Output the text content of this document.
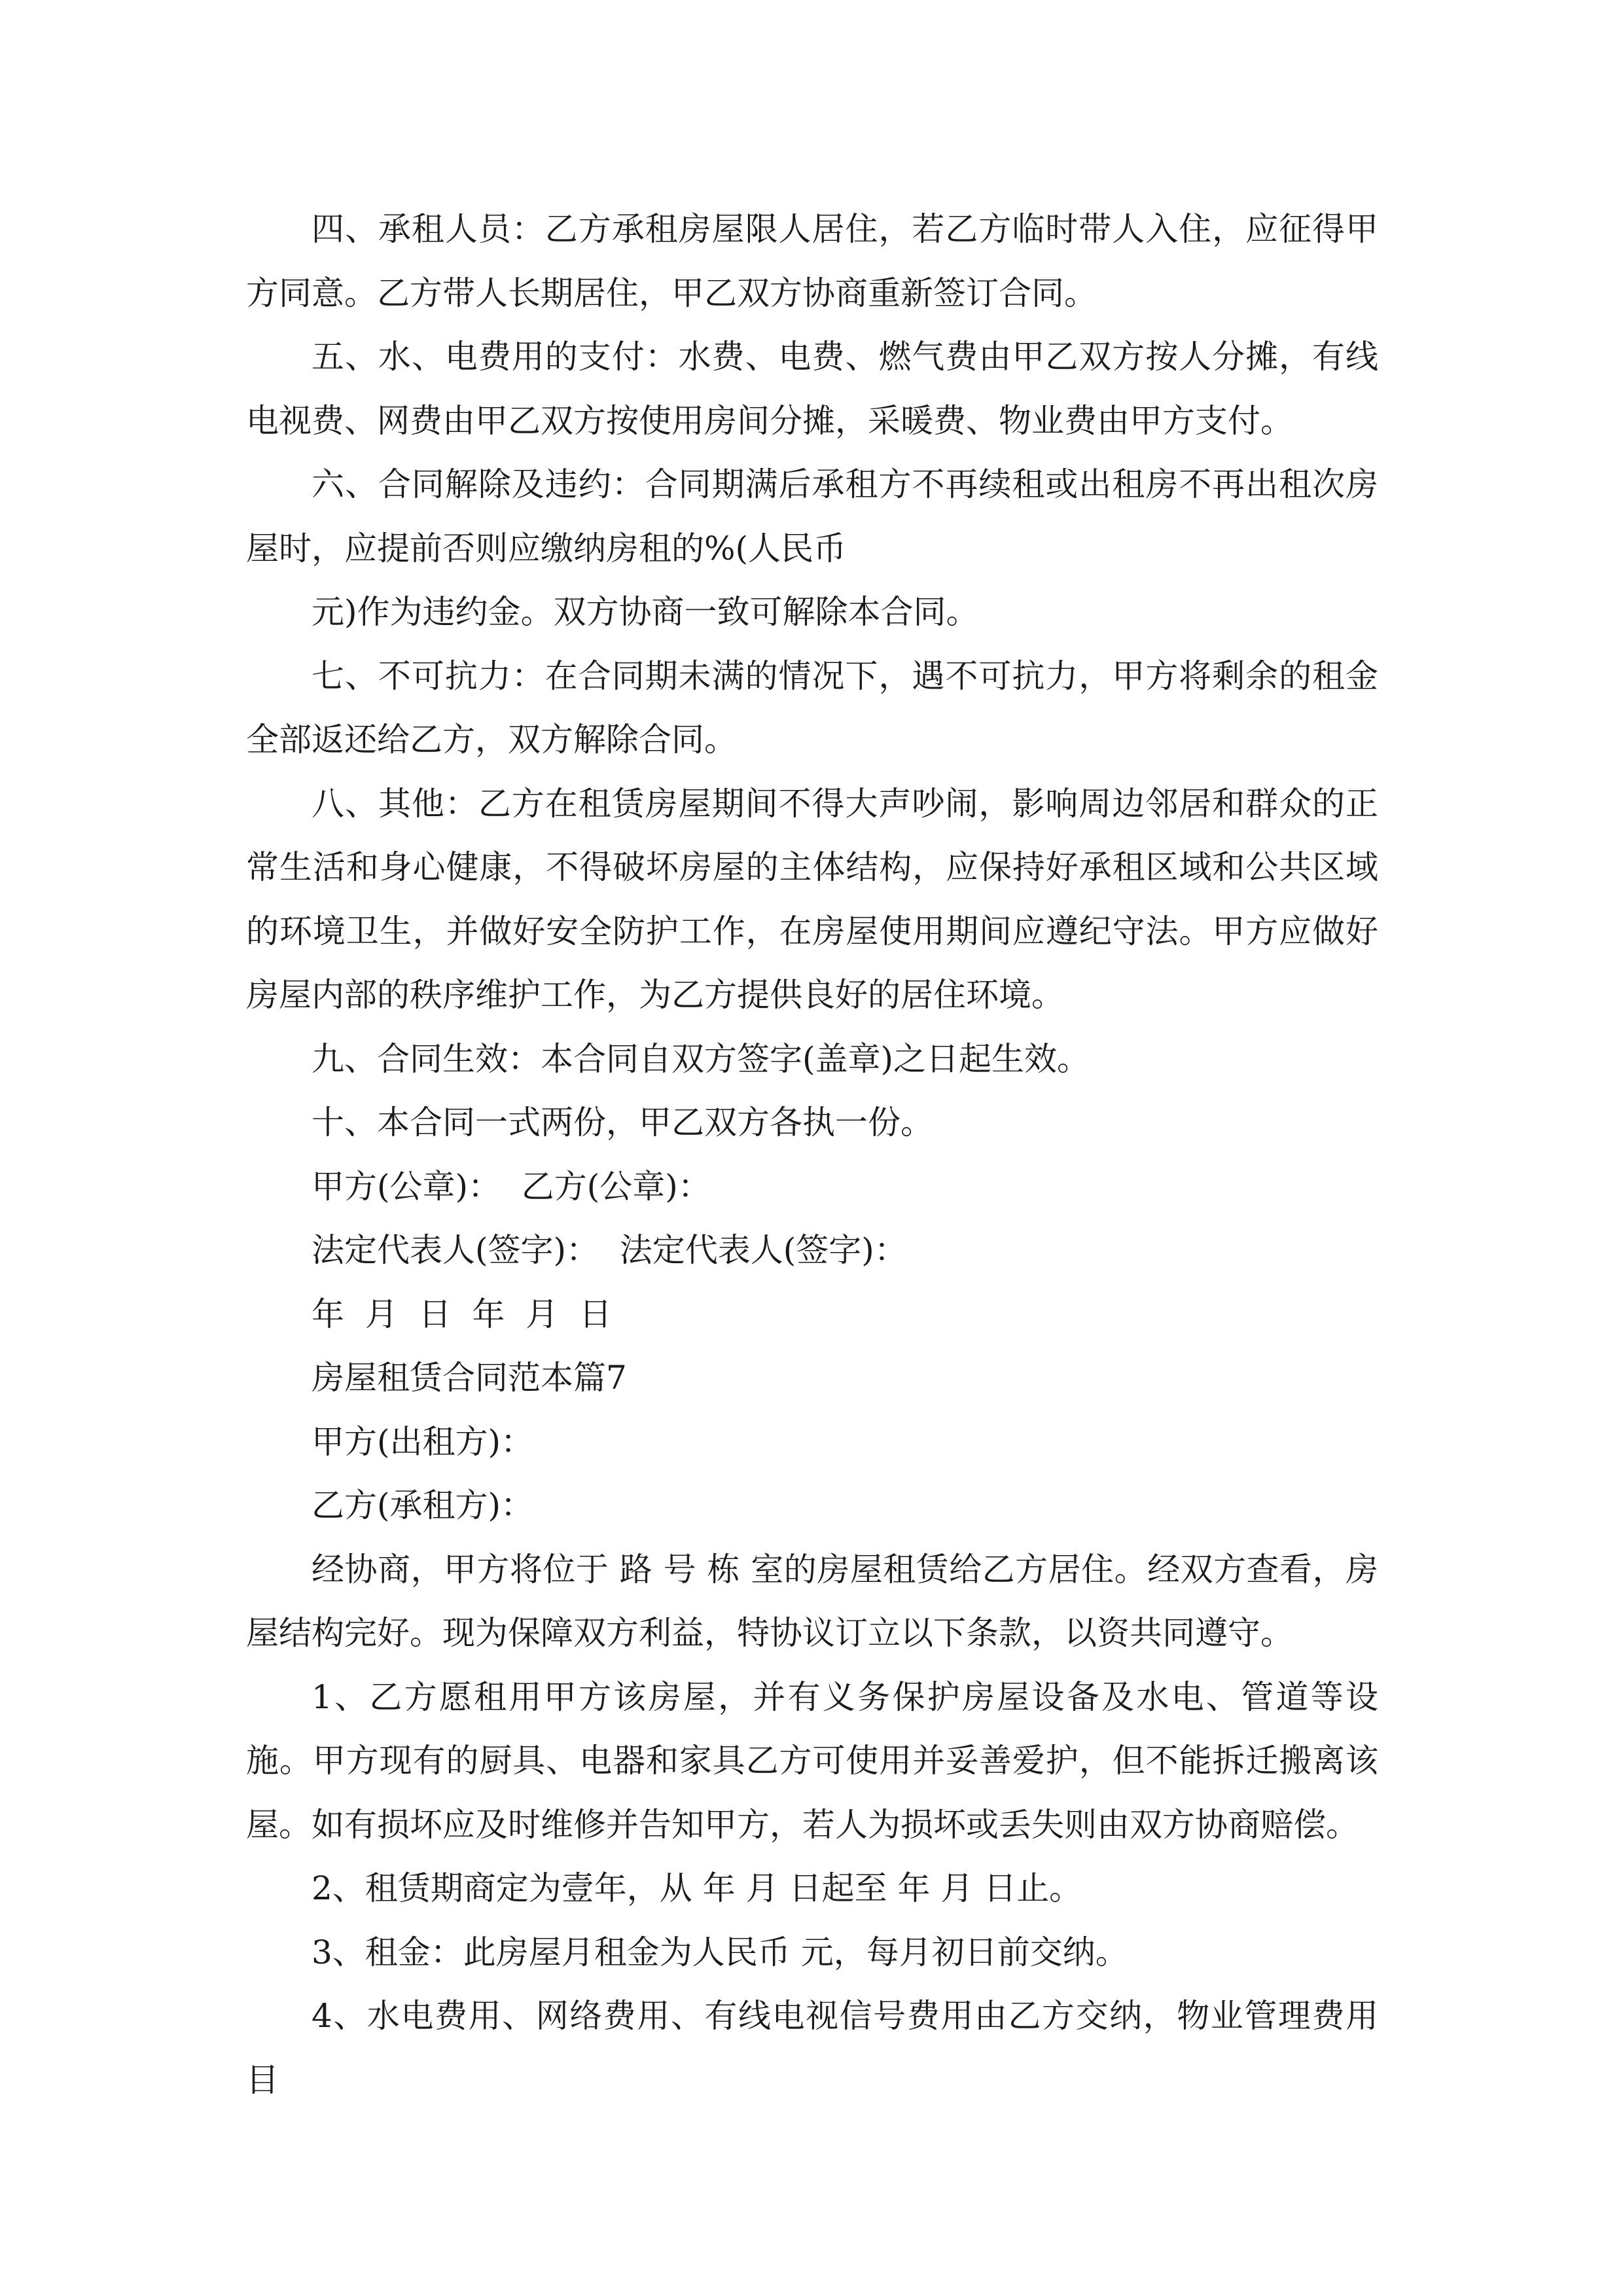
四、承租人员：乙方承租房屋限人居住，若乙方临时带人入住，应征得甲方同意。乙方带人长期居住，甲乙双方协商重新签订合同。

五、水、电费用的支付：水费、电费、燃气费由甲乙双方按人分摊，有线电视费、网费由甲乙双方按使用房间分摊，采暖费、物业费由甲方支付。

六、合同解除及违约：合同期满后承租方不再续租或出租房不再出租次房屋时，应提前否则应缴纳房租的%(人民币

元)作为违约金。双方协商一致可解除本合同。

七、不可抗力：在合同期未满的情况下，遇不可抗力，甲方将剩余的租金全部返还给乙方，双方解除合同。

八、其他：乙方在租赁房屋期间不得大声吵闹，影响周边邻居和群众的正常生活和身心健康，不得破坏房屋的主体结构，应保持好承租区域和公共区域的环境卫生，并做好安全防护工作，在房屋使用期间应遵纪守法。甲方应做好房屋内部的秩序维护工作，为乙方提供良好的居住环境。

九、合同生效：本合同自双方签字(盖章)之日起生效。

十、本合同一式两份，甲乙双方各执一份。

甲方(公章)：  乙方(公章)：

法定代表人(签字)：  法定代表人(签字)：

年  月  日  年  月  日

房屋租赁合同范本篇7

甲方(出租方)：

乙方(承租方)：

经协商，甲方将位于 路 号 栋 室的房屋租赁给乙方居住。经双方查看，房屋结构完好。现为保障双方利益，特协议订立以下条款，以资共同遵守。

1、乙方愿租用甲方该房屋，并有义务保护房屋设备及水电、管道等设施。甲方现有的厨具、电器和家具乙方可使用并妥善爱护，但不能拆迁搬离该屋。如有损坏应及时维修并告知甲方，若人为损坏或丢失则由双方协商赔偿。

2、租赁期商定为壹年，从 年 月 日起至 年 月 日止。

3、租金：此房屋月租金为人民币 元，每月初日前交纳。

4、水电费用、网络费用、有线电视信号费用由乙方交纳，物业管理费用目
